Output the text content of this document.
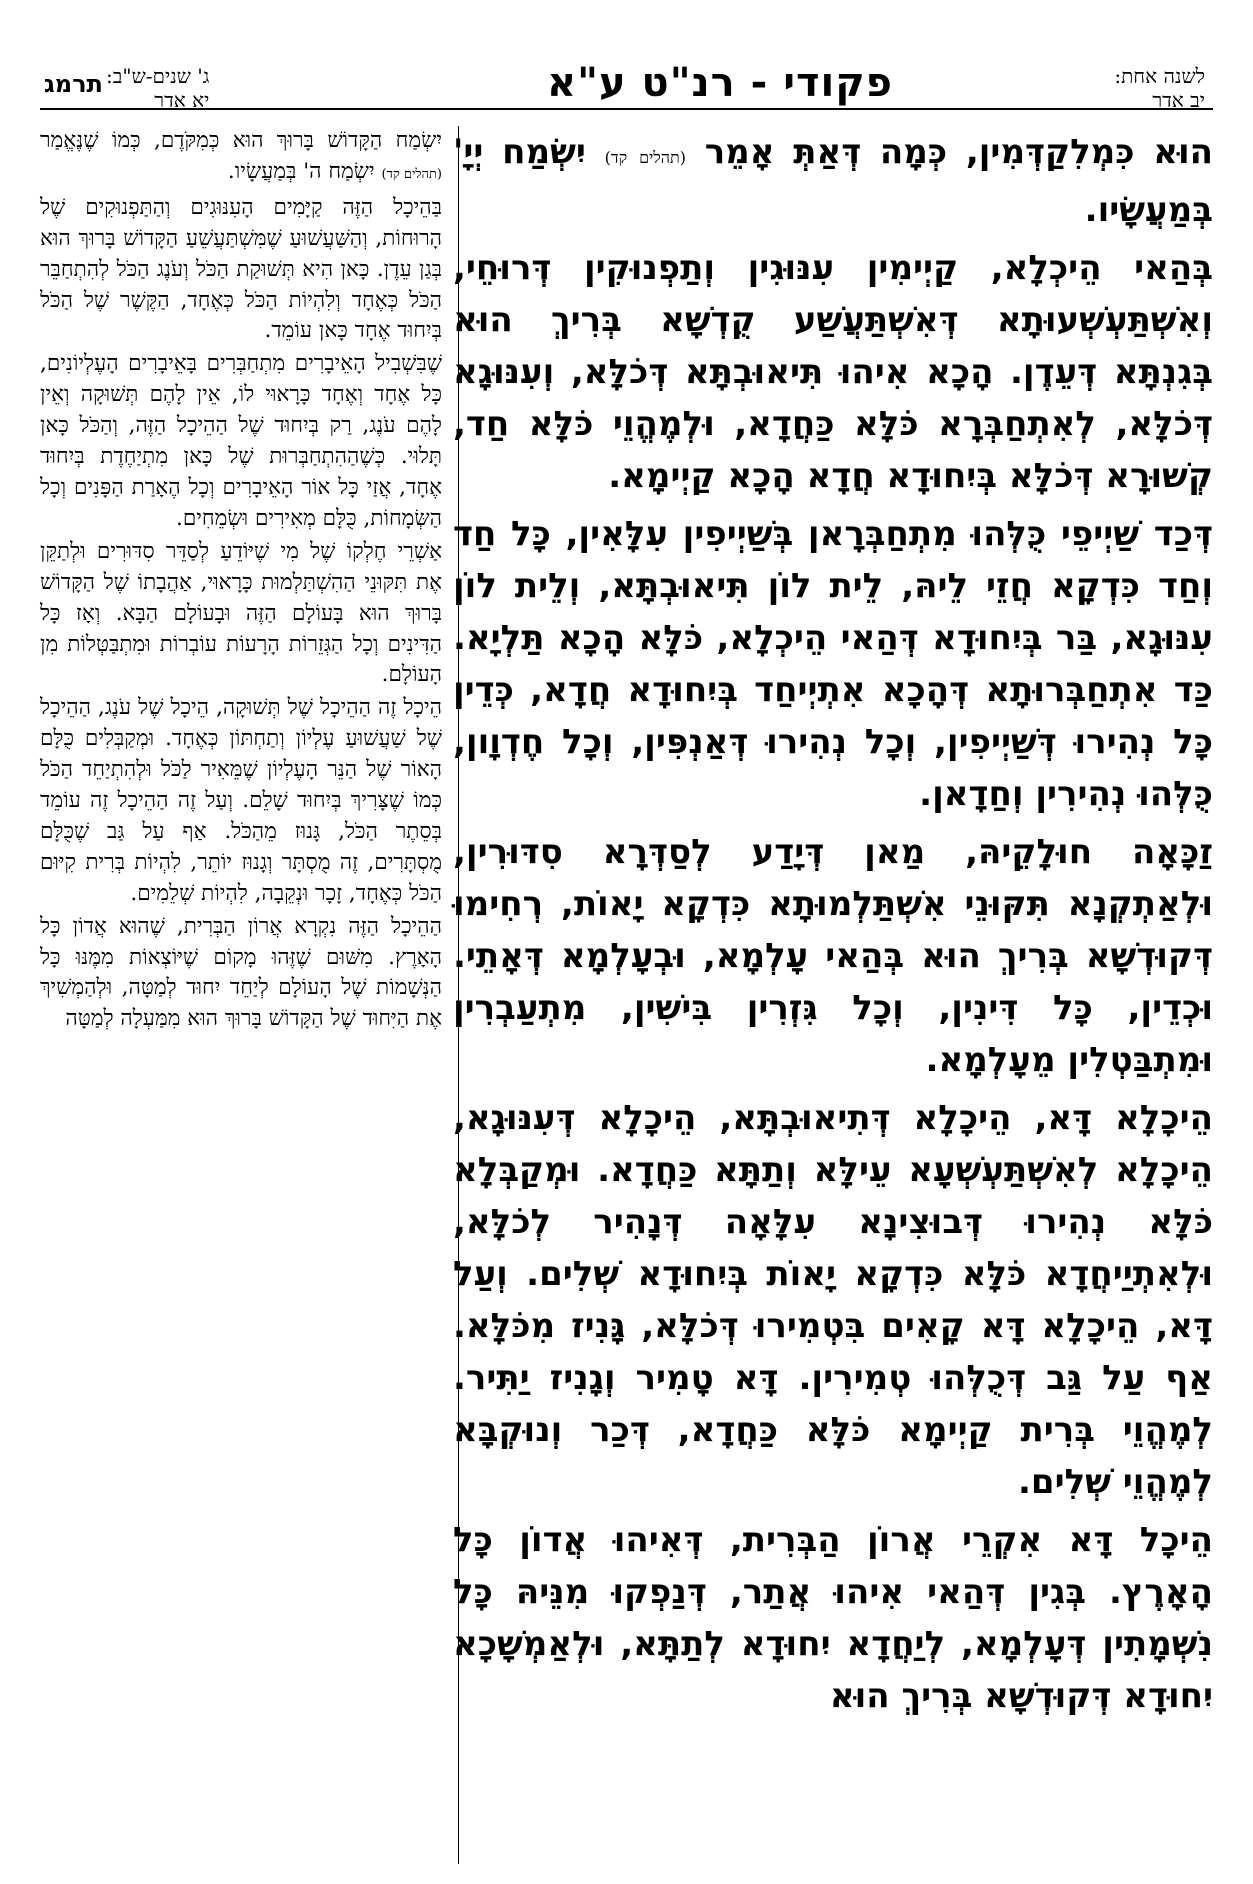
לשנה אחת:
יב אדר
פקודי - רנ"ט ע"א
ג' שנים-ש"ב:
יא אדר
תרמג

הוּא כִּמְלִקַדְּמִין, כְּמָה דְּאַתְּ אָמֵר (תהלים קד) יִשְׂמַח יְיָ' בְּמַעֲשָׂיו.

בְּהַאי הֵיכְלָא, קַיְימִין עִנּוּגִין וְתַפְנוּקִין דְּרוּחֵי, וְאִשְׁתַּעְשְׁעוּתָא דְּאִשְׁתַּעֲשַׁע קֻדְשָׁא בְּרִיךְ הוּא בְּגִנְתָּא דְּעֵדֶן. הָכָא אִיהוּ תִּיאוּבְתָּא דְּכֹלָּא, וְעִנּוּגָא דְּכֹלָּא, לְאִתְחַבְּרָא כֹּלָּא כַּחֲדָא, וּלְמֶהֱוֵי כֹּלָּא חַד, קְשׁוּרָא דְּכֹלָּא בְּיִחוּדָא חֲדָא הָכָא קַיְימָא.

דְּכַד שַׁיְיפֵי כֻּלְּהוּ מִתְחַבְּרָאן בְּשַׁיְיפִין עִלָּאִין, כָּל חַד וְחַד כִּדְקָא חֲזֵי לֵיהּ, לֵית לוֹן תִּיאוּבְתָּא, וְלֵית לוֹן עִנּוּגָא, בַּר בְּיִחוּדָא דְּהַאי הֵיכְלָא, כֹּלָּא הָכָא תַּלְיָא. כַּד אִתְחַבְּרוּתָא דְּהָכָא אִתְיְיחַד בְּיִחוּדָא חֲדָא, כְּדֵין כָּל נְהִירוּ דְּשַׁיְיפִין, וְכָל נְהִירוּ דְּאַנְפִּין, וְכָל חֶדְוָון, כֻּלְּהוּ נְהִירִין וְחַדָאן.

זַכָּאָה חוּלָקֵיהּ, מַאן דְּיָדַע לְסַדְּרָא סִדּוּרִין, וּלְאַתְקְנָא תִּקּוּנֵי אִשְׁתַּלְמוּתָא כִּדְקָא יָאוֹת, רְחִימוּ דְּקוּדְשָׁא בְּרִיךְ הוּא בְּהַאי עָלְמָא, וּבְעָלְמָא דְּאָתֵי. וּכְדֵין, כָּל דִּינִין, וְכָל גִּזְרִין בִּישִׁין, מִתְעַבְרִין וּמִתְבַּטְלִין מֵעָלְמָא.

הֵיכָלָא דָּא, הֵיכָלָא דְּתִיאוּבְתָּא, הֵיכָלָא דְּעִנּוּגָא, הֵיכָלָא לְאִשְׁתַּעְשְׁעָא עֵילָּא וְתַתָּא כַּחֲדָא. וּמְקַבְּלָא כֹּלָּא נְהִירוּ דְּבוּצִינָא עִלָּאָה דְּנָהִיר לְכֹלָּא, וּלְאִתְיַיחֲדָא כֹּלָּא כִּדְקָא יָאוֹת בְּיִחוּדָא שְׁלִים. וְעַל דָּא, הֵיכָלָא דָּא קָאִים בִּטְמִירוּ דְּכֹלָּא, גָּנִיז מִכֹּלָּא. אַף עַל גַּב דְּכֻלְּהוּ טְמִירִין. דָּא טָמִיר וְגָנִיז יַתִּיר. לְמֶהֱוֵי בְּרִית קַיְימָא כֹּלָּא כַּחֲדָא, דְּכַר וְנוּקְבָּא לְמֶהֱוֵי שְׁלִים.

הֵיכָל דָּא אִקְרֵי אֲרוֹן הַבְּרִית, דְּאִיהוּ אֲדוֹן כָּל הָאָרֶץ. בְּגִין דְּהַאי אִיהוּ אֲתַר, דְּנַפְקוּ מִנֵּיהּ כָּל נִשְׁמָתִין דְּעָלְמָא, לְיַחֲדָא יִחוּדָא לְתַתָּא, וּלְאַמְשָׁכָא יִחוּדָא דְּקוּדְשָׁא בְּרִיךְ הוּא

יִשְׂמַח הַקָּדוֹשׁ בָּרוּךְ הוּא כְּמִקֹּדֶם, כְּמוֹ שֶׁנֶּאֱמַר (תהלים קד) יִשְׂמַח ה' בְּמַעֲשָׂיו.

בַּהֵיכָל הַזֶּה קַיָּמִים הָעִנּוּגִים וְהַתַּפְנוּקִים שֶׁל הָרוּחוֹת, וְהַשַּׁעֲשׁוּעַ שֶׁמִּשְׁתַּעֲשֵׁעַ הַקָּדוֹשׁ בָּרוּךְ הוּא בְּגַן עֵדֶן. כָּאן הִיא תְּשׁוּקַת הַכֹּל וְעֹנֶג הַכֹּל לְהִתְחַבֵּר הַכֹּל כְּאֶחָד וְלִהְיוֹת הַכֹּל כְּאֶחָד, הַקֶּשֶׁר שֶׁל הַכֹּל בְּיִחוּד אֶחָד כָּאן עוֹמֵד.

שֶׁבִּשְׁבִיל הָאֵיבָרִים מִתְחַבְּרִים בָּאֵיבָרִים הָעֶלְיוֹנִים, כָּל אֶחָד וְאֶחָד כָּרָאוּי לוֹ, אֵין לָהֶם תְּשׁוּקָה וְאֵין לָהֶם עֹנֶג, רַק בְּיִחוּד שֶׁל הַהֵיכָל הַזֶּה, וְהַכֹּל כָּאן תָּלוּי. כְּשֶׁהַהִתְחַבְּרוּת שֶׁל כָּאן מִתְיַחֶדֶת בְּיִחוּד אֶחָד, אֲזַי כָּל אוֹר הָאֵיבָרִים וְכָל הֶאָרַת הַפָּנִים וְכָל הַשְּׂמָחוֹת, כֻּלָּם מְאִירִים וּשְׂמֵחִים.

אַשְׁרֵי חֶלְקוֹ שֶׁל מִי שֶׁיּוֹדֵעַ לְסַדֵּר סִדּוּרִים וּלְתַקֵּן אֶת תִּקּוּנֵי הַהִשְׁתַּלְמוּת כָּרָאוּי, אַהֲבָתוֹ שֶׁל הַקָּדוֹשׁ בָּרוּךְ הוּא בָּעוֹלָם הַזֶּה וּבָעוֹלָם הַבָּא. וְאָז כָּל הַדִּינִים וְכָל הַגְּזֵרוֹת הָרָעוֹת עוֹבְרוֹת וּמִתְבַּטְּלוֹת מִן הָעוֹלָם.

הֵיכָל זֶה הַהֵיכָל שֶׁל תְּשׁוּקָה, הֵיכָל שֶׁל עֹנֶג, הַהֵיכָל שֶׁל שַׁעֲשׁוּעַ עֶלְיוֹן וְתַחְתּוֹן כְּאֶחָד. וּמְקַבְּלִים כֻּלָּם הָאוֹר שֶׁל הַנֵּר הָעֶלְיוֹן שֶׁמֵּאִיר לַכֹּל וּלְהִתְיַחֵד הַכֹּל כְּמוֹ שֶׁצָּרִיךְ בְּיִחוּד שָׁלֵם. וְעַל זֶה הַהֵיכָל זֶה עוֹמֵד בְּסֵתֶר הַכֹּל, גָּנוּז מֵהַכֹּל. אַף עַל גַּב שֶׁכֻּלָּם מֻסְתָּרִים, זֶה מֻסְתָּר וְגָנוּז יוֹתֵר, לִהְיוֹת בְּרִית קִיּוּם הַכֹּל כְּאֶחָד, זָכָר וּנְקֵבָה, לִהְיוֹת שְׁלֵמִים.

הַהֵיכָל הַזֶּה נִקְרָא אֲרוֹן הַבְּרִית, שֶׁהוּא אֲדוֹן כָּל הָאָרֶץ. מִשּׁוּם שֶׁזֶּהוּ מָקוֹם שֶׁיּוֹצְאוֹת מִמֶּנּוּ כָּל הַנְּשָׁמוֹת שֶׁל הָעוֹלָם לְיַחֵד יִחוּד לְמַטָּה, וּלְהַמְשִׁיךְ אֶת הַיִּחוּד שֶׁל הַקָּדוֹשׁ בָּרוּךְ הוּא מִמַּעְלָה לְמַטָּה
